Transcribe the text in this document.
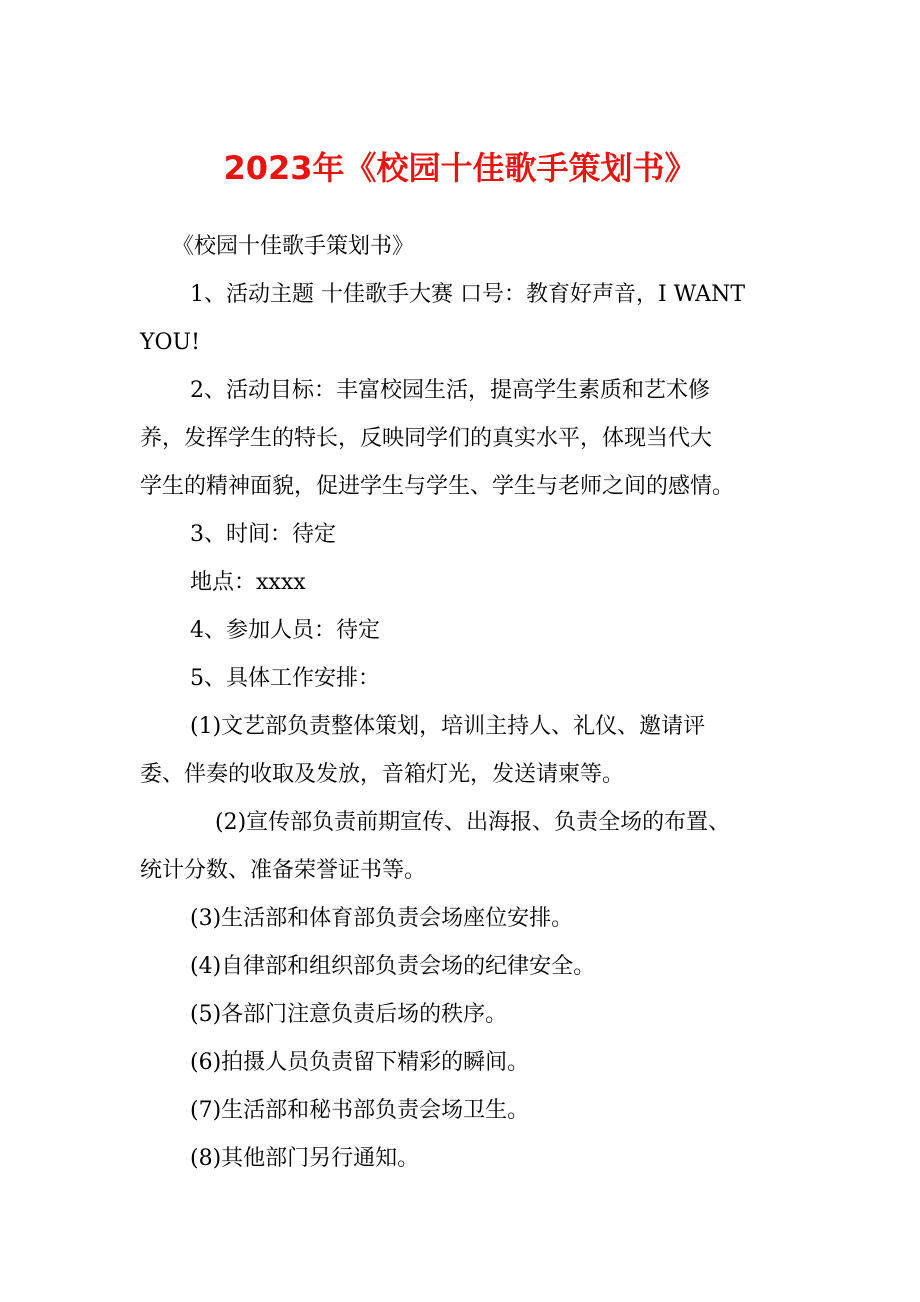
2023年《校园十佳歌手策划书》

《校园十佳歌手策划书》

1、活动主题 十佳歌手大赛 口号：教育好声音，I WANT

YOU!

2、活动目标：丰富校园生活，提高学生素质和艺术修

养，发挥学生的特长，反映同学们的真实水平，体现当代大

学生的精神面貌，促进学生与学生、学生与老师之间的感情。

3、时间：待定

地点：xxxx

4、参加人员：待定

5、具体工作安排：

(1)文艺部负责整体策划，培训主持人、礼仪、邀请评

委、伴奏的收取及发放，音箱灯光，发送请柬等。

(2)宣传部负责前期宣传、出海报、负责全场的布置、

统计分数、准备荣誉证书等。

(3)生活部和体育部负责会场座位安排。

(4)自律部和组织部负责会场的纪律安全。

(5)各部门注意负责后场的秩序。

(6)拍摄人员负责留下精彩的瞬间。

(7)生活部和秘书部负责会场卫生。

(8)其他部门另行通知。
